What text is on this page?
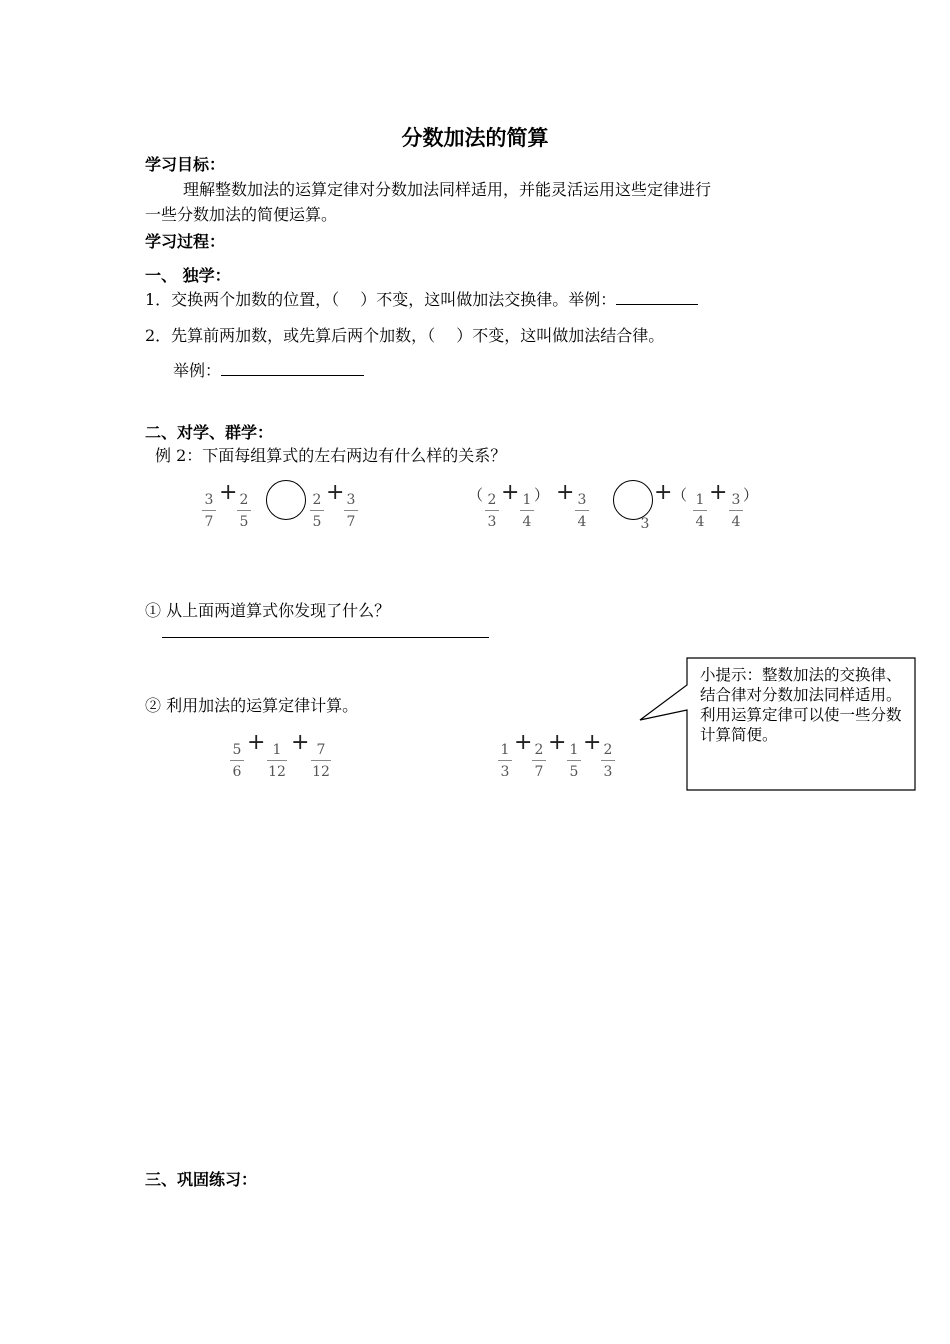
分数加法的简算
学习目标：
理解整数加法的运算定律对分数加法同样适用，并能灵活运用这些定律进行
一些分数加法的简便运算。
学习过程：
一、 独学：
1．交换两个加数的位置，（　 ）不变，这叫做加法交换律。举例：
2．先算前两加数，或先算后两个加数，（　 ）不变，这叫做加法结合律。
举例：
二、对学、群学：
例 2：下面每组算式的左右两边有什么样的关系？
3
7
+ 2
5
2
5
+ 3
7
（ 2
3
+ 1
4
） + 3
4	3
+ （ 1
4
+ 3
4
）
① 从上面两道算式你发现了什么？
② 利用加法的运算定律计算。
5
6
+ 1
12
+ 7
12
1
3
+ 2
7
+ 1
5
+ 2
3
小提示：整数加法的交换律、结合律对分数加法同样适用。利用运算定律可以使一些分数计算简便。
三、巩固练习：
